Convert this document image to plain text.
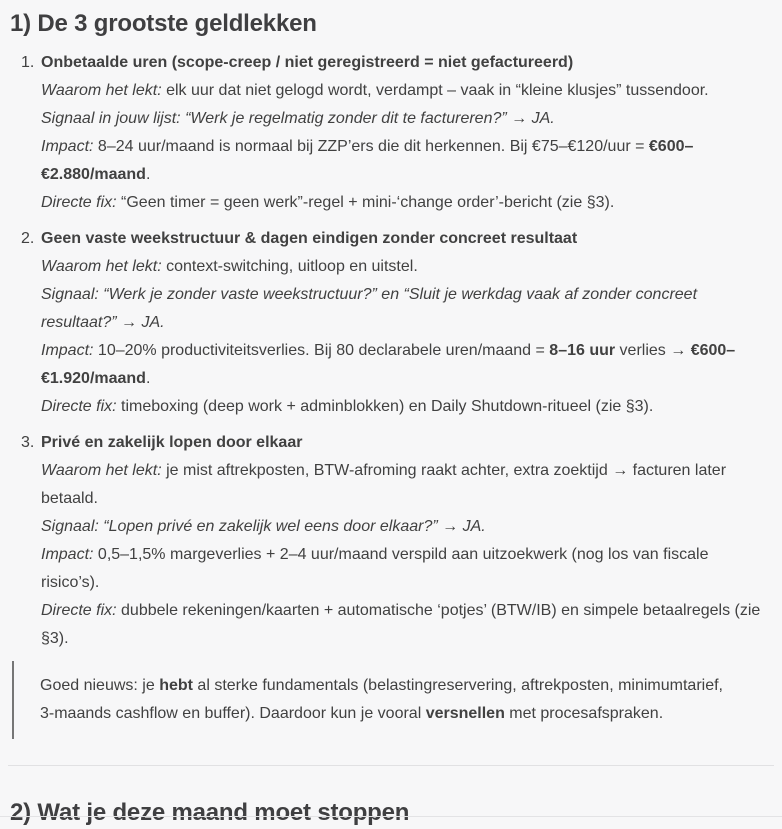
1) De 3 grootste geldlekken
1. Onbetaalde uren (scope-creep / niet geregistreerd = niet gefactureerd)

Waarom het lekt: elk uur dat niet gelogd wordt, verdampt – vaak in “kleine klusjes” tussendoor.

Signaal in jouw lijst: “Werk je regelmatig zonder dit te factureren?” → JA.

Impact: 8–24 uur/maand is normaal bij ZZP’ers die dit herkennen. Bij €75–€120/uur = €600–€2.880/maand.

Directe fix: “Geen timer = geen werk”-regel + mini-‘change order’-bericht (zie §3).

2. Geen vaste weekstructuur & dagen eindigen zonder concreet resultaat

Waarom het lekt: context-switching, uitloop en uitstel.

Signaal: “Werk je zonder vaste weekstructuur?” en “Sluit je werkdag vaak af zonder concreet resultaat?” → JA.

Impact: 10–20% productiviteitsverlies. Bij 80 declarabele uren/maand = 8–16 uur verlies → €600–€1.920/maand.

Directe fix: timeboxing (deep work + adminblokken) en Daily Shutdown-ritueel (zie §3).

3. Privé en zakelijk lopen door elkaar

Waarom het lekt: je mist aftrekposten, BTW-afroming raakt achter, extra zoektijd → facturen later betaald.

Signaal: “Lopen privé en zakelijk wel eens door elkaar?” → JA.

Impact: 0,5–1,5% margeverlies + 2–4 uur/maand verspild aan uitzoekwerk (nog los van fiscale risico’s).

Directe fix: dubbele rekeningen/kaarten + automatische ‘potjes’ (BTW/IB) en simpele betaalregels (zie §3).

Goed nieuws: je hebt al sterke fundamentals (belastingreservering, aftrekposten, minimumtarief, 3-maands cashflow en buffer). Daardoor kun je vooral versnellen met procesafspraken.

2) Wat je deze maand moet stoppen
